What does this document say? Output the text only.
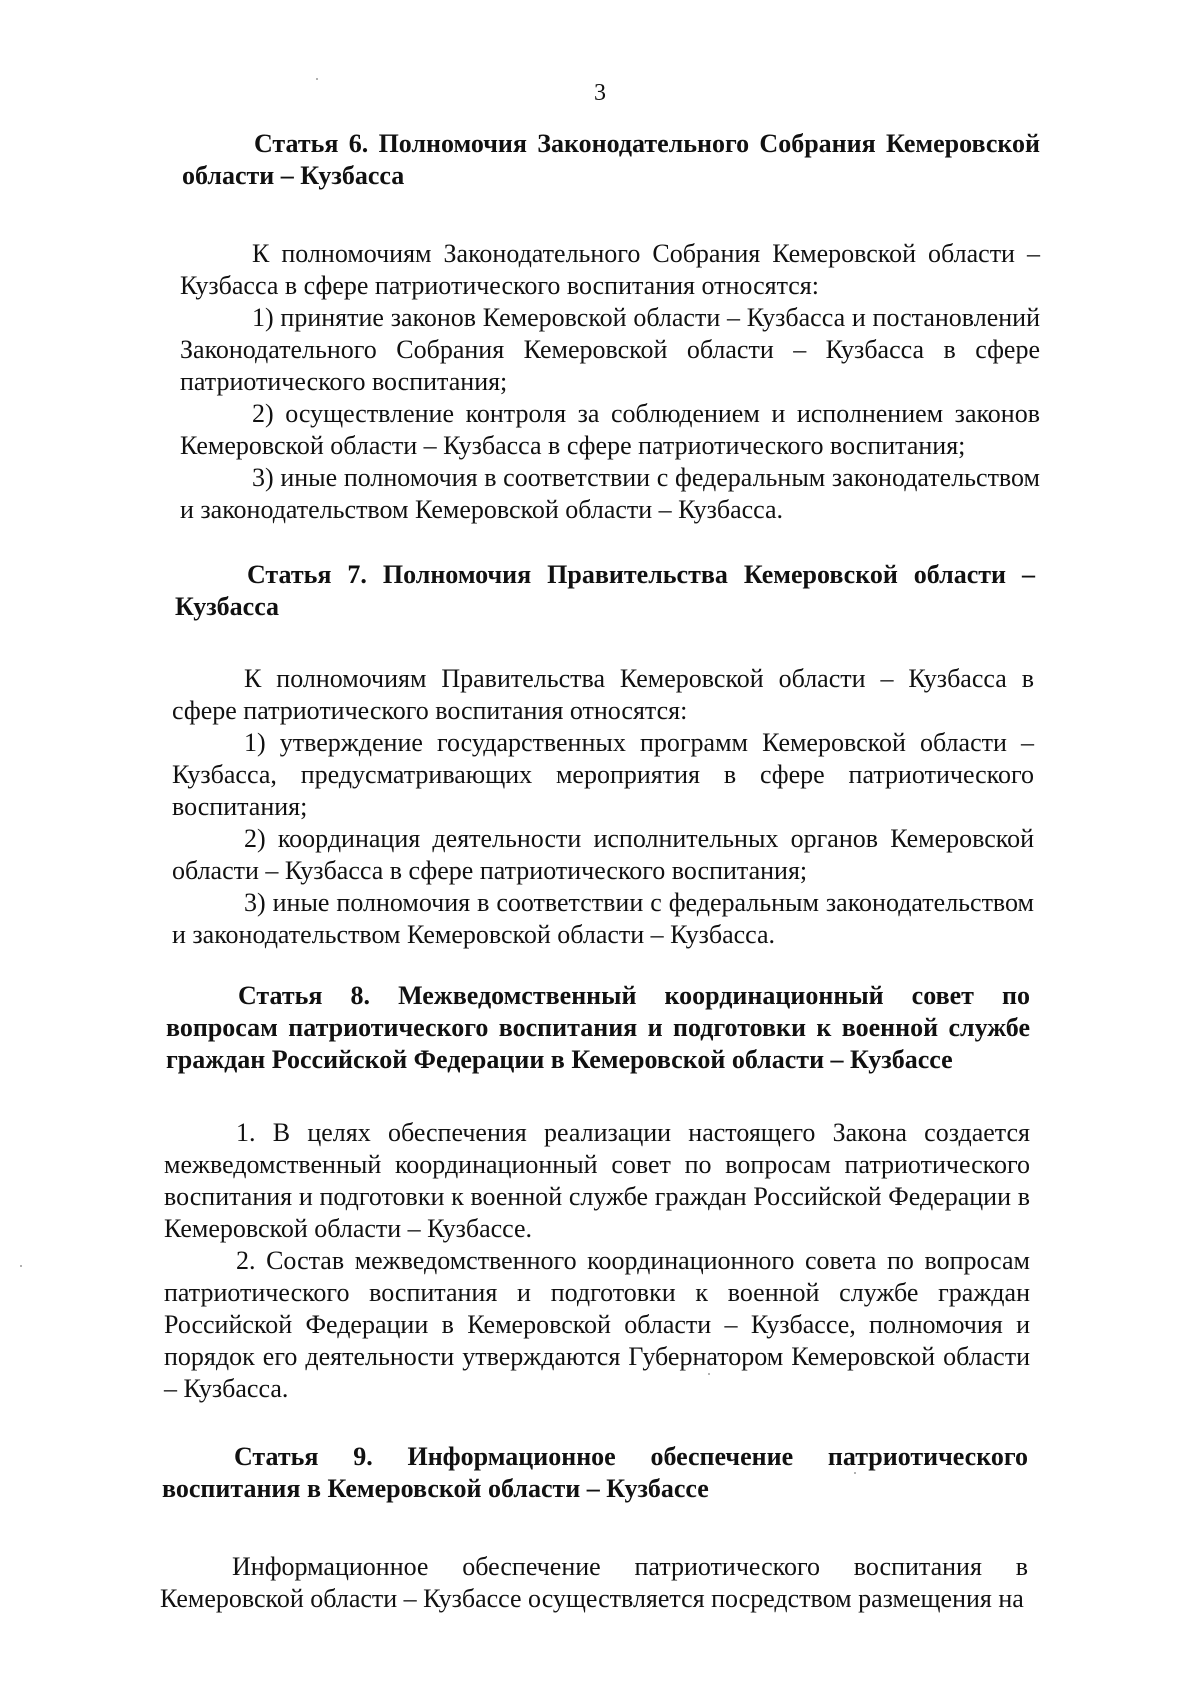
3

Статья 6. Полномочия Законодательного Собрания Кемеровской области – Кузбасса

К полномочиям Законодательного Собрания Кемеровской области – Кузбасса в сфере патриотического воспитания относятся:

1) принятие законов Кемеровской области – Кузбасса и постановлений Законодательного Собрания Кемеровской области – Кузбасса в сфере патриотического воспитания;

2) осуществление контроля за соблюдением и исполнением законов Кемеровской области – Кузбасса в сфере патриотического воспитания;

3) иные полномочия в соответствии с федеральным законодательством и законодательством Кемеровской области – Кузбасса.

Статья 7. Полномочия Правительства Кемеровской области – Кузбасса

К полномочиям Правительства Кемеровской области – Кузбасса в сфере патриотического воспитания относятся:

1) утверждение государственных программ Кемеровской области – Кузбасса, предусматривающих мероприятия в сфере патриотического воспитания;

2) координация деятельности исполнительных органов Кемеровской области – Кузбасса в сфере патриотического воспитания;

3) иные полномочия в соответствии с федеральным законодательством и законодательством Кемеровской области – Кузбасса.

Статья 8. Межведомственный координационный совет по вопросам патриотического воспитания и подготовки к военной службе граждан Российской Федерации в Кемеровской области – Кузбассе

1. В целях обеспечения реализации настоящего Закона создается межведомственный координационный совет по вопросам патриотического воспитания и подготовки к военной службе граждан Российской Федерации в Кемеровской области – Кузбассе.

2. Состав межведомственного координационного совета по вопросам патриотического воспитания и подготовки к военной службе граждан Российской Федерации в Кемеровской области – Кузбассе, полномочия и порядок его деятельности утверждаются Губернатором Кемеровской области – Кузбасса.

Статья 9. Информационное обеспечение патриотического воспитания в Кемеровской области – Кузбассе

Информационное обеспечение патриотического воспитания в Кемеровской области – Кузбассе осуществляется посредством размещения на
